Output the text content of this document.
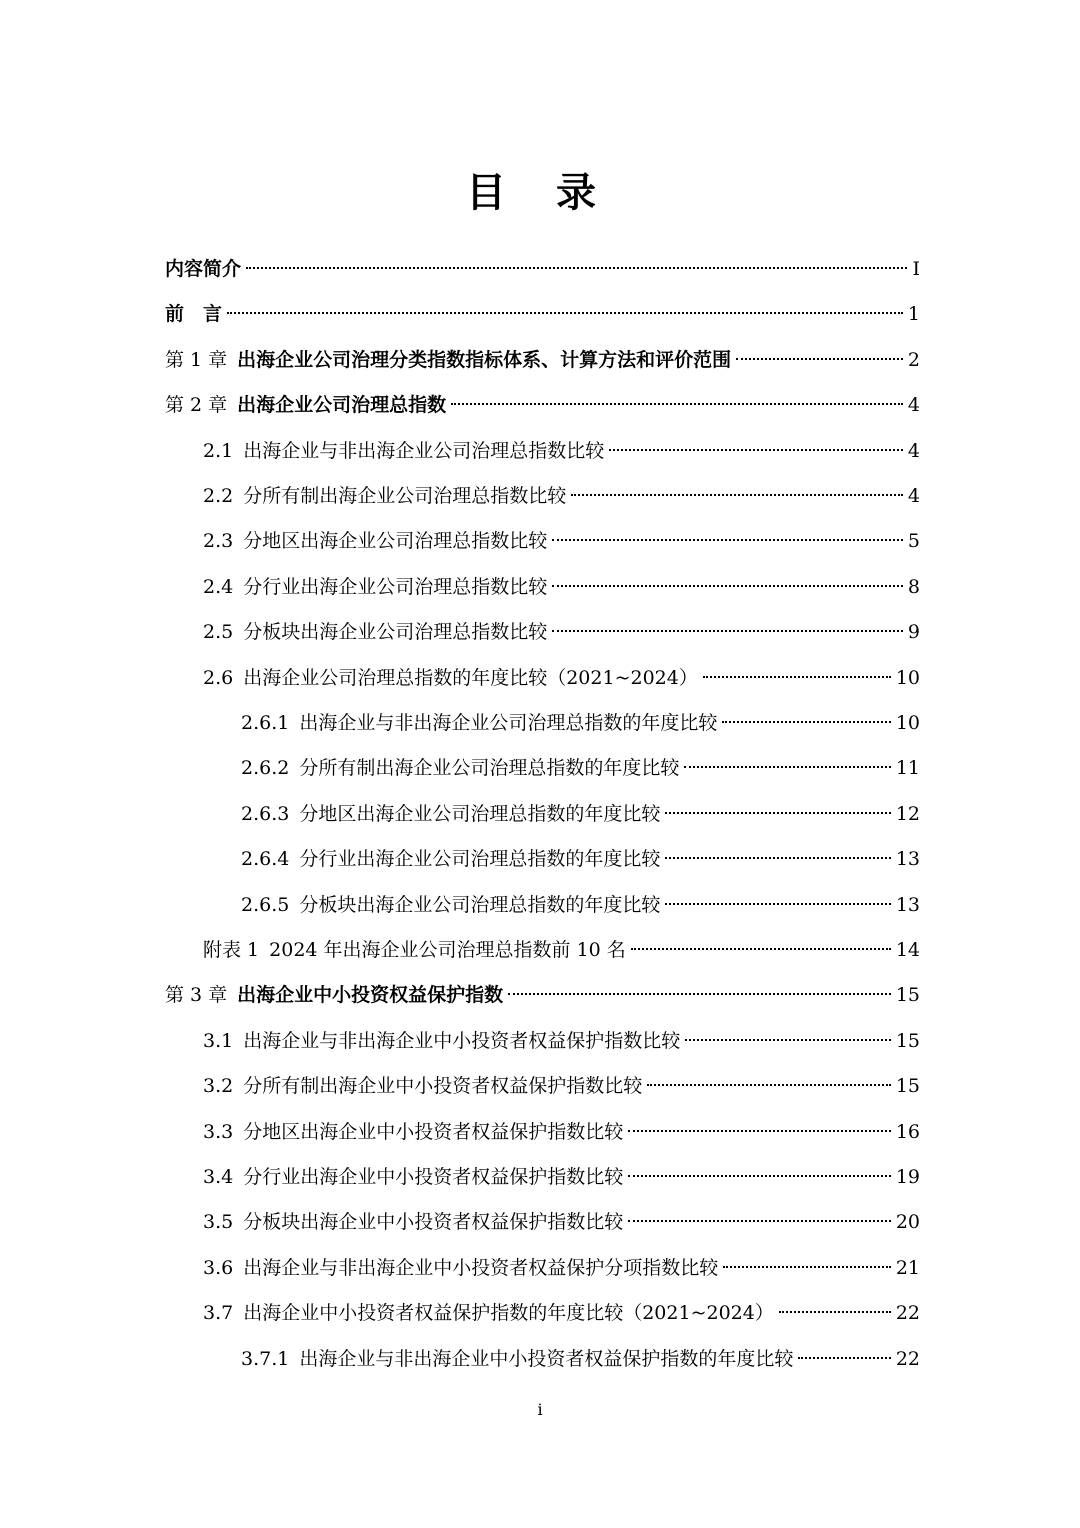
目 录
内容简介	I
前　言	1
第 1 章 出海企业公司治理分类指数指标体系、计算方法和评价范围	2
第 2 章 出海企业公司治理总指数	4
2.1 出海企业与非出海企业公司治理总指数比较	4
2.2 分所有制出海企业公司治理总指数比较	4
2.3 分地区出海企业公司治理总指数比较	5
2.4 分行业出海企业公司治理总指数比较	8
2.5 分板块出海企业公司治理总指数比较	9
2.6 出海企业公司治理总指数的年度比较（2021~2024）	10
2.6.1 出海企业与非出海企业公司治理总指数的年度比较	10
2.6.2 分所有制出海企业公司治理总指数的年度比较	11
2.6.3 分地区出海企业公司治理总指数的年度比较	12
2.6.4 分行业出海企业公司治理总指数的年度比较	13
2.6.5 分板块出海企业公司治理总指数的年度比较	13
附表 1 2024 年出海企业公司治理总指数前 10 名	14
第 3 章 出海企业中小投资权益保护指数	15
3.1 出海企业与非出海企业中小投资者权益保护指数比较	15
3.2 分所有制出海企业中小投资者权益保护指数比较	15
3.3 分地区出海企业中小投资者权益保护指数比较	16
3.4 分行业出海企业中小投资者权益保护指数比较	19
3.5 分板块出海企业中小投资者权益保护指数比较	20
3.6 出海企业与非出海企业中小投资者权益保护分项指数比较	21
3.7 出海企业中小投资者权益保护指数的年度比较（2021~2024）	22
3.7.1 出海企业与非出海企业中小投资者权益保护指数的年度比较	22
i
